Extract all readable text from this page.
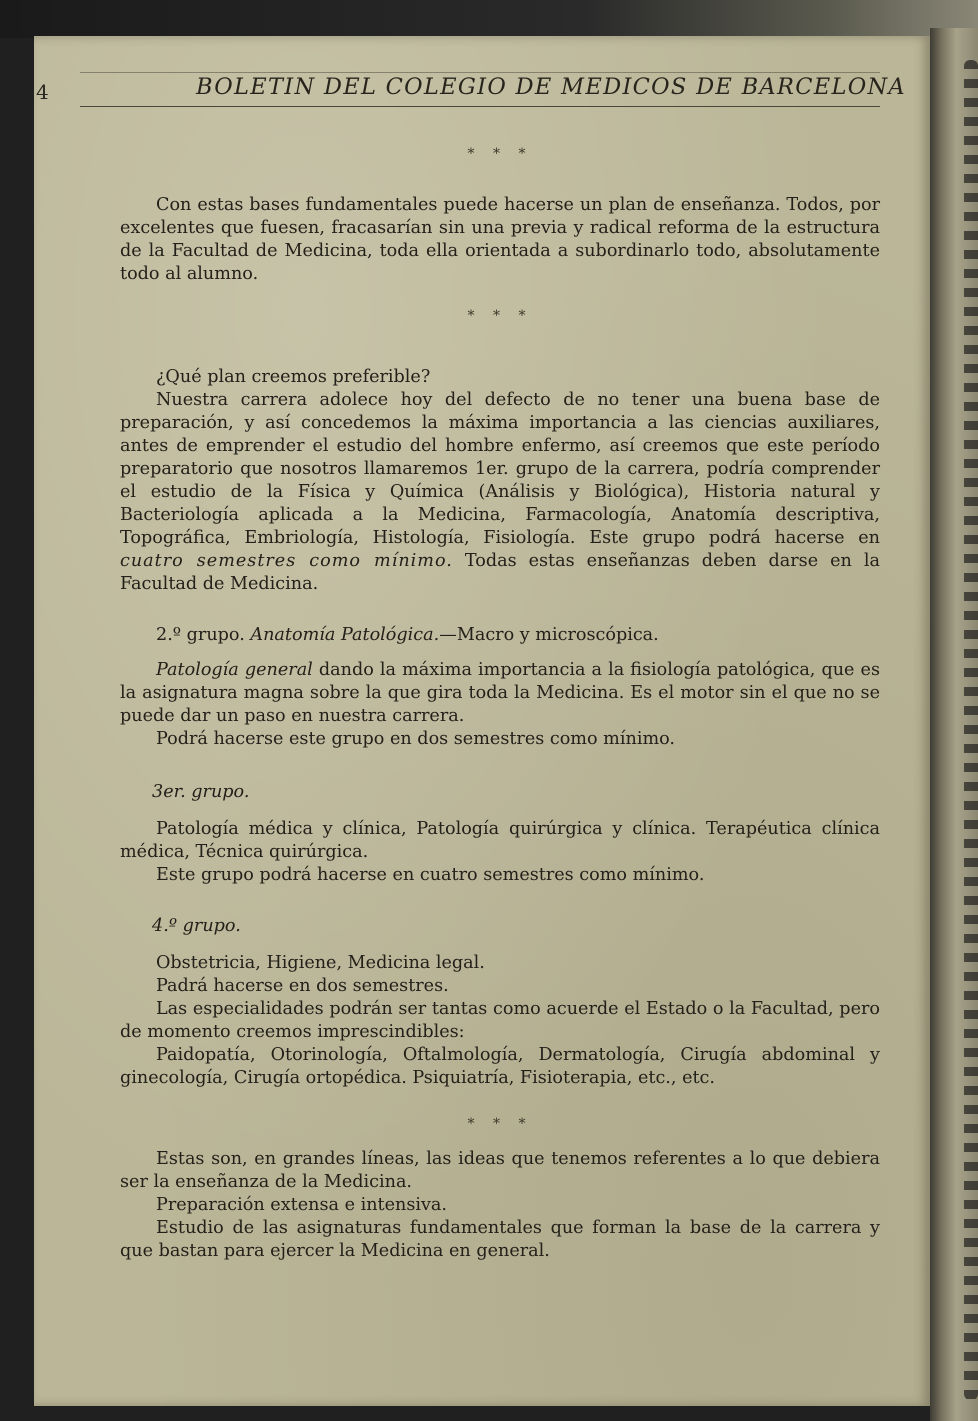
4	BOLETIN DEL COLEGIO DE MEDICOS DE BARCELONA
* * *

Con estas bases fundamentales puede hacerse un plan de enseñanza. Todos, por excelentes que fuesen, fracasarían sin una previa y radical reforma de la estructura de la Facultad de Medicina, toda ella orientada a subordinarlo todo, absolutamente todo al alumno.

* * *

¿Qué plan creemos preferible?

Nuestra carrera adolece hoy del defecto de no tener una buena base de preparación, y así concedemos la máxima importancia a las ciencias auxiliares, antes de emprender el estudio del hombre enfermo, así creemos que este período preparatorio que nosotros llamaremos 1er. grupo de la carrera, podría comprender el estudio de la Física y Química (Análisis y Biológica), Historia natural y Bacteriología aplicada a la Medicina, Farmacología, Anatomía descriptiva, Topográfica, Embriología, Histología, Fisiología. Este grupo podrá hacerse en cuatro semestres como mínimo. Todas estas enseñanzas deben darse en la Facultad de Medicina.

2.º grupo. Anatomía Patológica.—Macro y microscópica.

Patología general dando la máxima importancia a la fisiología patológica, que es la asignatura magna sobre la que gira toda la Medicina. Es el motor sin el que no se puede dar un paso en nuestra carrera.

Podrá hacerse este grupo en dos semestres como mínimo.

3er. grupo.

Patología médica y clínica, Patología quirúrgica y clínica. Terapéutica clínica médica, Técnica quirúrgica.

Este grupo podrá hacerse en cuatro semestres como mínimo.

4.º grupo.

Obstetricia, Higiene, Medicina legal.

Padrá hacerse en dos semestres.

Las especialidades podrán ser tantas como acuerde el Estado o la Facultad, pero de momento creemos imprescindibles:

Paidopatía, Otorinología, Oftalmología, Dermatología, Cirugía abdominal y ginecología, Cirugía ortopédica. Psiquiatría, Fisioterapia, etc., etc.

* * *

Estas son, en grandes líneas, las ideas que tenemos referentes a lo que debiera ser la enseñanza de la Medicina.

Preparación extensa e intensiva.

Estudio de las asignaturas fundamentales que forman la base de la carrera y que bastan para ejercer la Medicina en general.
